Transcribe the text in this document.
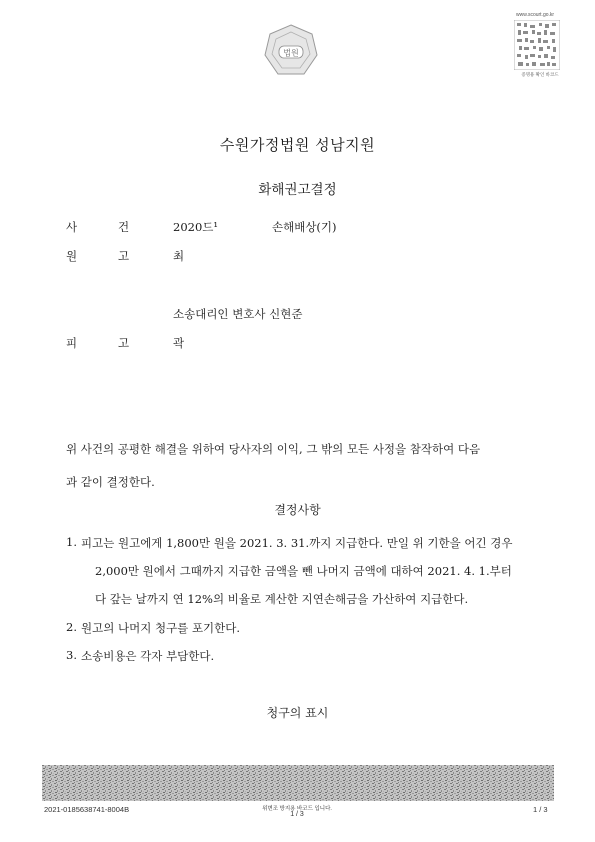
법원
www.scourt.go.kr
증명용 확인 바코드
수원가정법원 성남지원
화해권고결정
사	건	2020드¹	손해배상(기)
원	고	최
소송대리인 변호사 신현준
피	고	곽
위 사건의 공평한 해결을 위하여 당사자의 이익, 그 밖의 모든 사정을 참작하여 다음
과 같이 결정한다.
결정사항
1. 피고는 원고에게 1,800만 원을 2021. 3. 31.까지 지급한다. 만일 위 기한을 어긴 경우
2,000만 원에서 그때까지 지급한 금액을 뺀 나머지 금액에 대하여 2021. 4. 1.부터
다 갚는 날까지 연 12%의 비율로 계산한 지연손해금을 가산하여 지급한다.
2. 원고의 나머지 청구를 포기한다.
3. 소송비용은 각자 부담한다.
청구의 표시
2021-0185638741-8004B	위변조 방지용 바코드 입니다.
1 / 3
1 / 3
